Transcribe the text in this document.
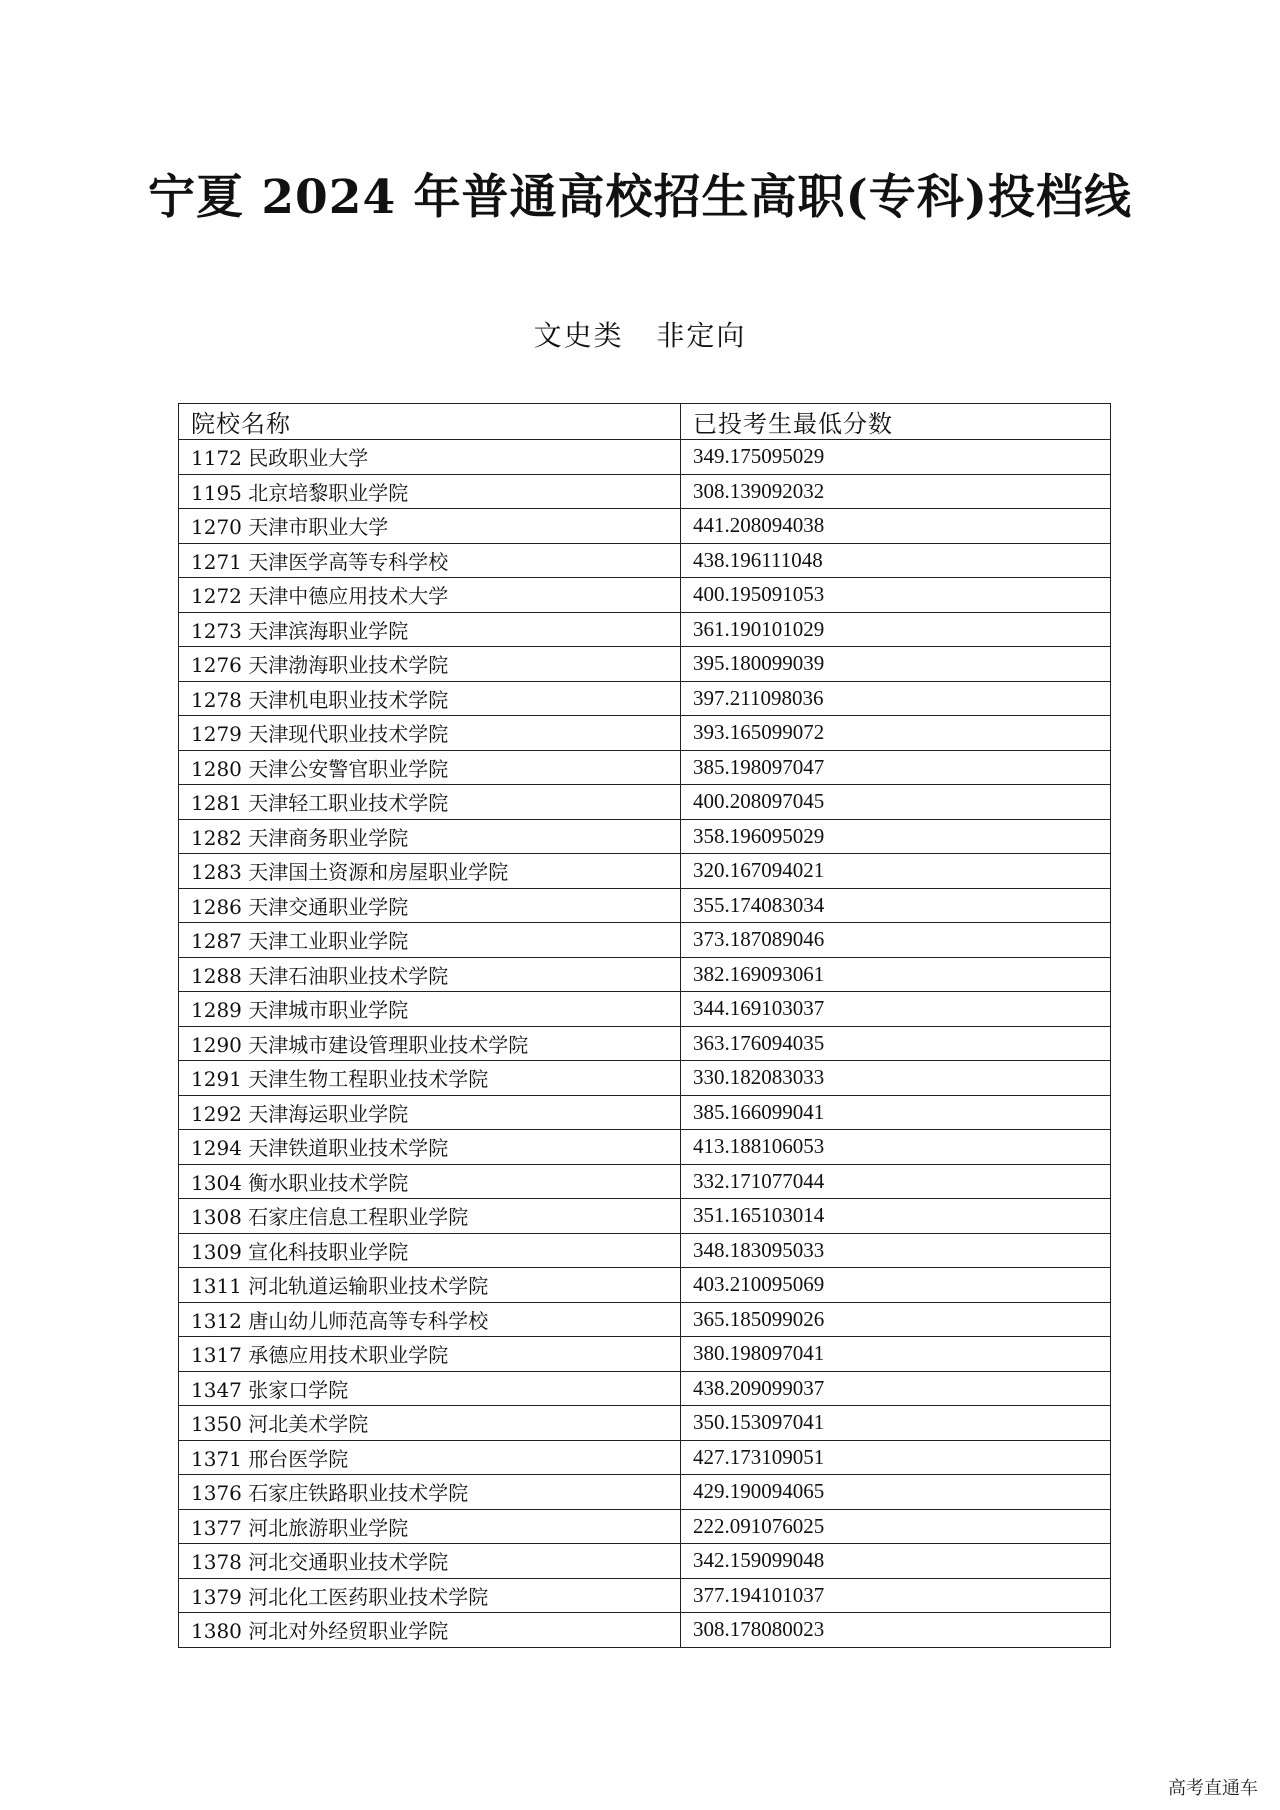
宁夏 2024 年普通高校招生高职(专科)投档线
文史类   非定向
院校名称	已投考生最低分数
1172 民政职业大学	349.175095029
1195 北京培黎职业学院	308.139092032
1270 天津市职业大学	441.208094038
1271 天津医学高等专科学校	438.196111048
1272 天津中德应用技术大学	400.195091053
1273 天津滨海职业学院	361.190101029
1276 天津渤海职业技术学院	395.180099039
1278 天津机电职业技术学院	397.211098036
1279 天津现代职业技术学院	393.165099072
1280 天津公安警官职业学院	385.198097047
1281 天津轻工职业技术学院	400.208097045
1282 天津商务职业学院	358.196095029
1283 天津国土资源和房屋职业学院	320.167094021
1286 天津交通职业学院	355.174083034
1287 天津工业职业学院	373.187089046
1288 天津石油职业技术学院	382.169093061
1289 天津城市职业学院	344.169103037
1290 天津城市建设管理职业技术学院	363.176094035
1291 天津生物工程职业技术学院	330.182083033
1292 天津海运职业学院	385.166099041
1294 天津铁道职业技术学院	413.188106053
1304 衡水职业技术学院	332.171077044
1308 石家庄信息工程职业学院	351.165103014
1309 宣化科技职业学院	348.183095033
1311 河北轨道运输职业技术学院	403.210095069
1312 唐山幼儿师范高等专科学校	365.185099026
1317 承德应用技术职业学院	380.198097041
1347 张家口学院	438.209099037
1350 河北美术学院	350.153097041
1371 邢台医学院	427.173109051
1376 石家庄铁路职业技术学院	429.190094065
1377 河北旅游职业学院	222.091076025
1378 河北交通职业技术学院	342.159099048
1379 河北化工医药职业技术学院	377.194101037
1380 河北对外经贸职业学院	308.178080023
高考直通车
